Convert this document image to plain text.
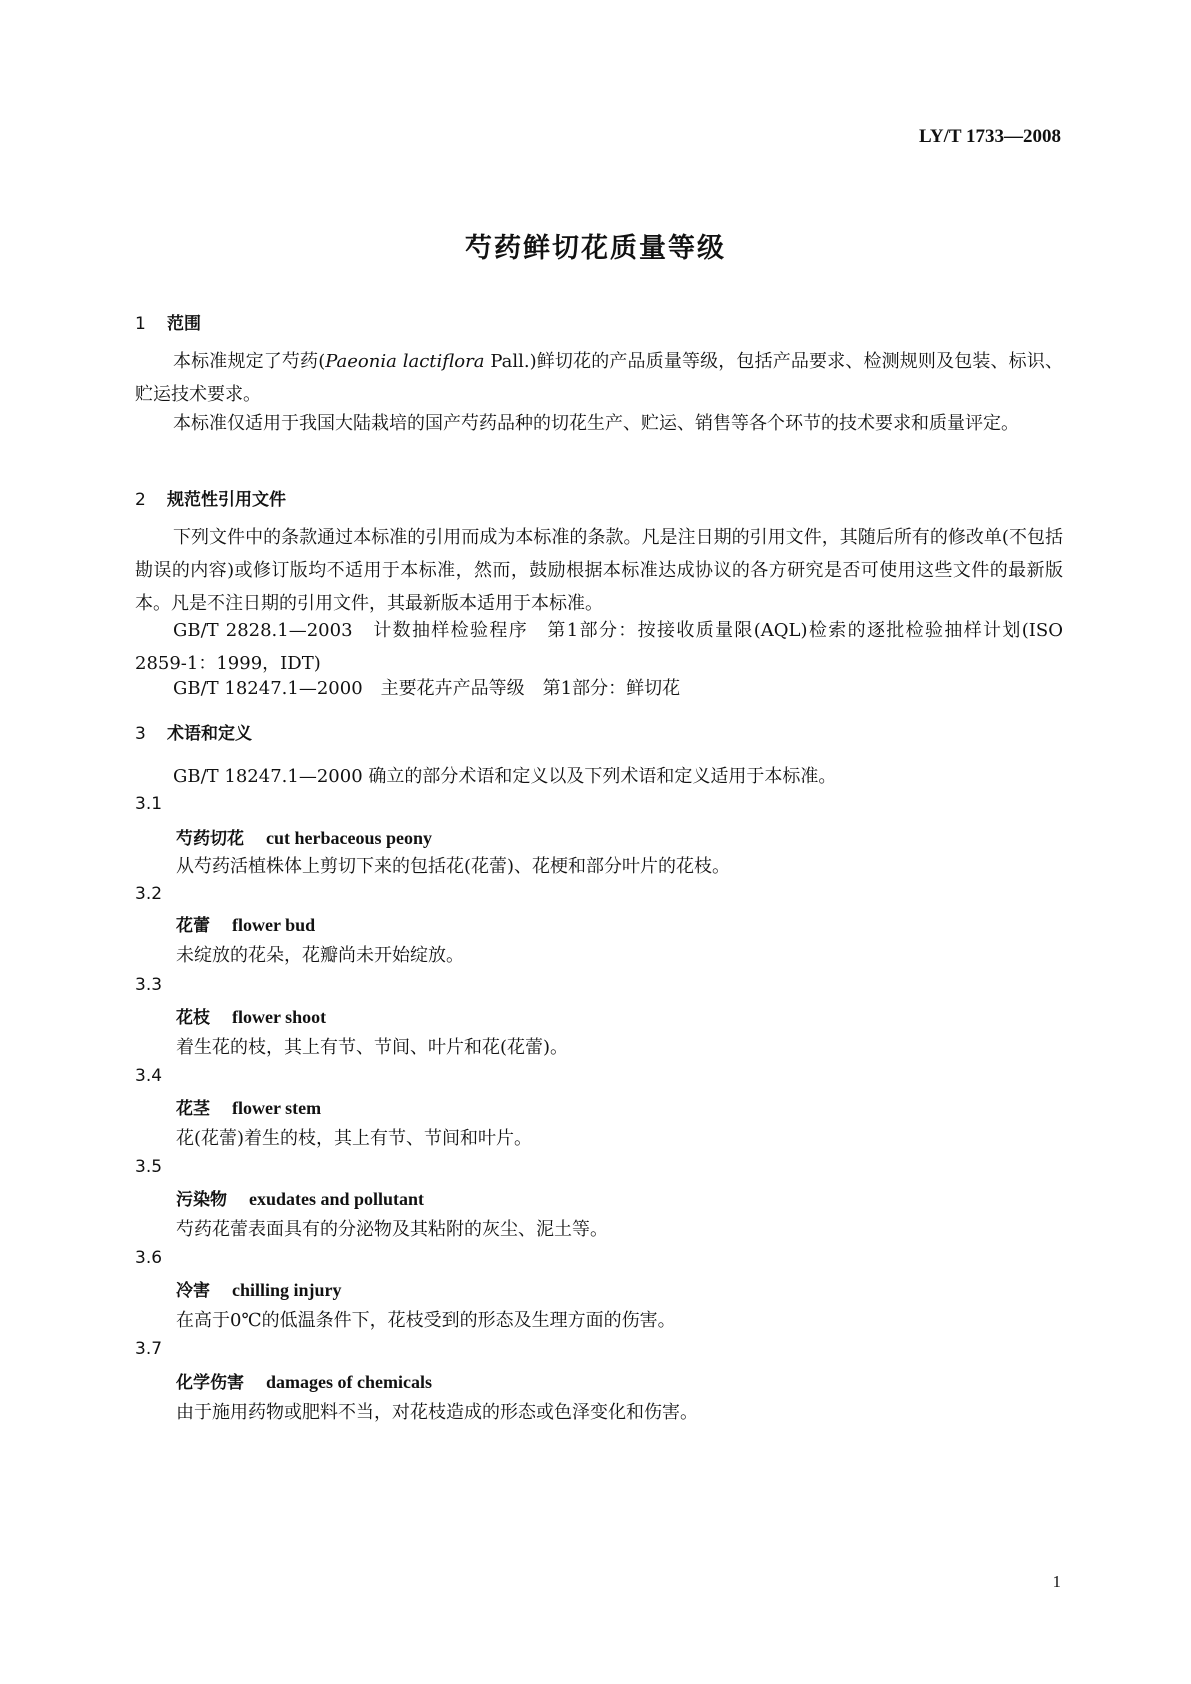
LY/T 1733—2008
芍药鲜切花质量等级
1 范围
本标准规定了芍药(Paeonia lactiflora Pall.)鲜切花的产品质量等级，包括产品要求、检测规则及包装、标识、贮运技术要求。
本标准仅适用于我国大陆栽培的国产芍药品种的切花生产、贮运、销售等各个环节的技术要求和质量评定。
2 规范性引用文件
下列文件中的条款通过本标准的引用而成为本标准的条款。凡是注日期的引用文件，其随后所有的修改单(不包括勘误的内容)或修订版均不适用于本标准，然而，鼓励根据本标准达成协议的各方研究是否可使用这些文件的最新版本。凡是不注日期的引用文件，其最新版本适用于本标准。
GB/T 2828.1—2003　计数抽样检验程序　第1部分：按接收质量限(AQL)检索的逐批检验抽样计划(ISO 2859-1：1999，IDT)
GB/T 18247.1—2000　主要花卉产品等级　第1部分：鲜切花
3 术语和定义
GB/T 18247.1—2000 确立的部分术语和定义以及下列术语和定义适用于本标准。
3.1
芍药切花 cut herbaceous peony
从芍药活植株体上剪切下来的包括花(花蕾)、花梗和部分叶片的花枝。
3.2
花蕾 flower bud
未绽放的花朵，花瓣尚未开始绽放。
3.3
花枝 flower shoot
着生花的枝，其上有节、节间、叶片和花(花蕾)。
3.4
花茎 flower stem
花(花蕾)着生的枝，其上有节、节间和叶片。
3.5
污染物 exudates and pollutant
芍药花蕾表面具有的分泌物及其粘附的灰尘、泥土等。
3.6
冷害 chilling injury
在高于0℃的低温条件下，花枝受到的形态及生理方面的伤害。
3.7
化学伤害 damages of chemicals
由于施用药物或肥料不当，对花枝造成的形态或色泽变化和伤害。
1
